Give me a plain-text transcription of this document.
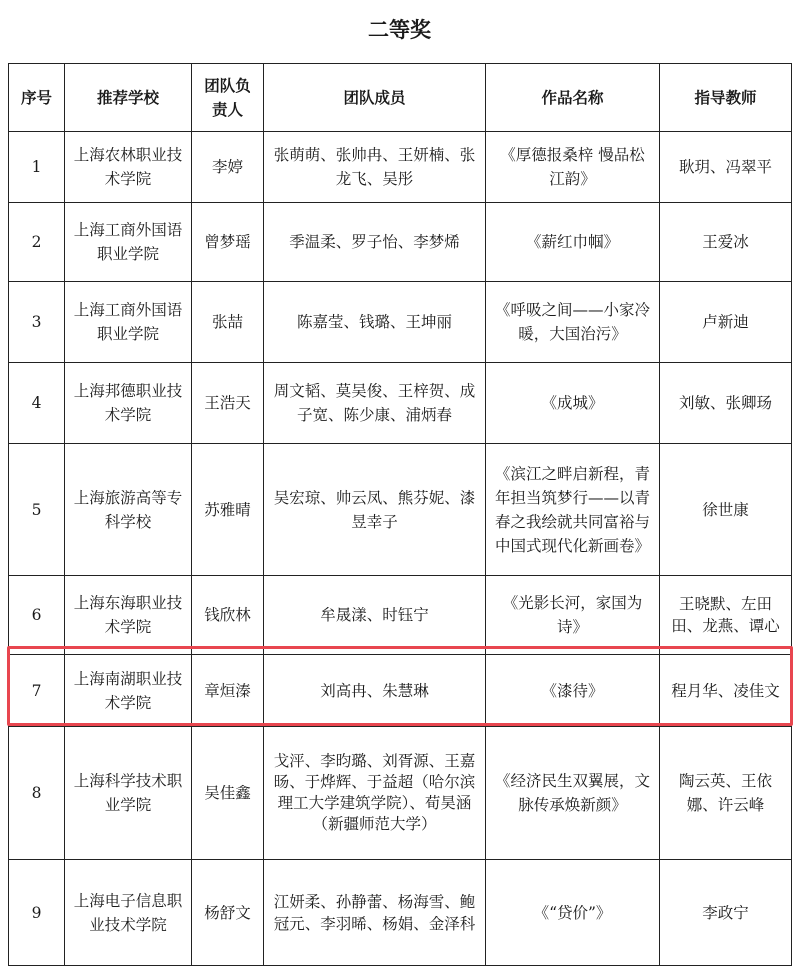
二等奖
序号	推荐学校	团队负责人	团队成员	作品名称	指导教师
1	上海农林职业技术学院	李婷	张萌萌、张帅冉、王妍楠、张龙飞、吴彤	《厚德报桑梓 慢品松江韵》	耿玥、冯翠平
2	上海工商外国语职业学院	曾梦瑶	季温柔、罗子怡、李梦烯	《薪红巾帼》	王爱冰
3	上海工商外国语职业学院	张喆	陈嘉莹、钱璐、王坤丽	《呼吸之间——小家冷暖，大国治污》	卢新迪
4	上海邦德职业技术学院	王浩天	周文韬、莫吴俊、王梓贺、成子宽、陈少康、浦炳春	《成城》	刘敏、张卿玚
5	上海旅游高等专科学校	苏雅晴	吴宏琼、帅云凤、熊芬妮、漆昱幸子	《滨江之畔启新程，青年担当筑梦行——以青春之我绘就共同富裕与中国式现代化新画卷》	徐世康
6	上海东海职业技术学院	钱欣林	牟晟漾、时钰宁	《光影长河，家国为诗》	王晓默、左田田、龙燕、谭心
7	上海南湖职业技术学院	章烜溱	刘高冉、朱慧琳	《漆待》	程月华、凌佳文
8	上海科学技术职业学院	吴佳鑫	戈泙、李昀璐、刘胥源、王嘉旸、于烨辉、于益超（哈尔滨理工大学建筑学院）、荀昊涵（新疆师范大学）	《经济民生双翼展，文脉传承焕新颜》	陶云英、王依娜、许云峰
9	上海电子信息职业技术学院	杨舒文	江妍柔、孙静蕾、杨海雪、鲍冠元、李羽晞、杨娟、金泽科	《“贷价”》	李政宁
